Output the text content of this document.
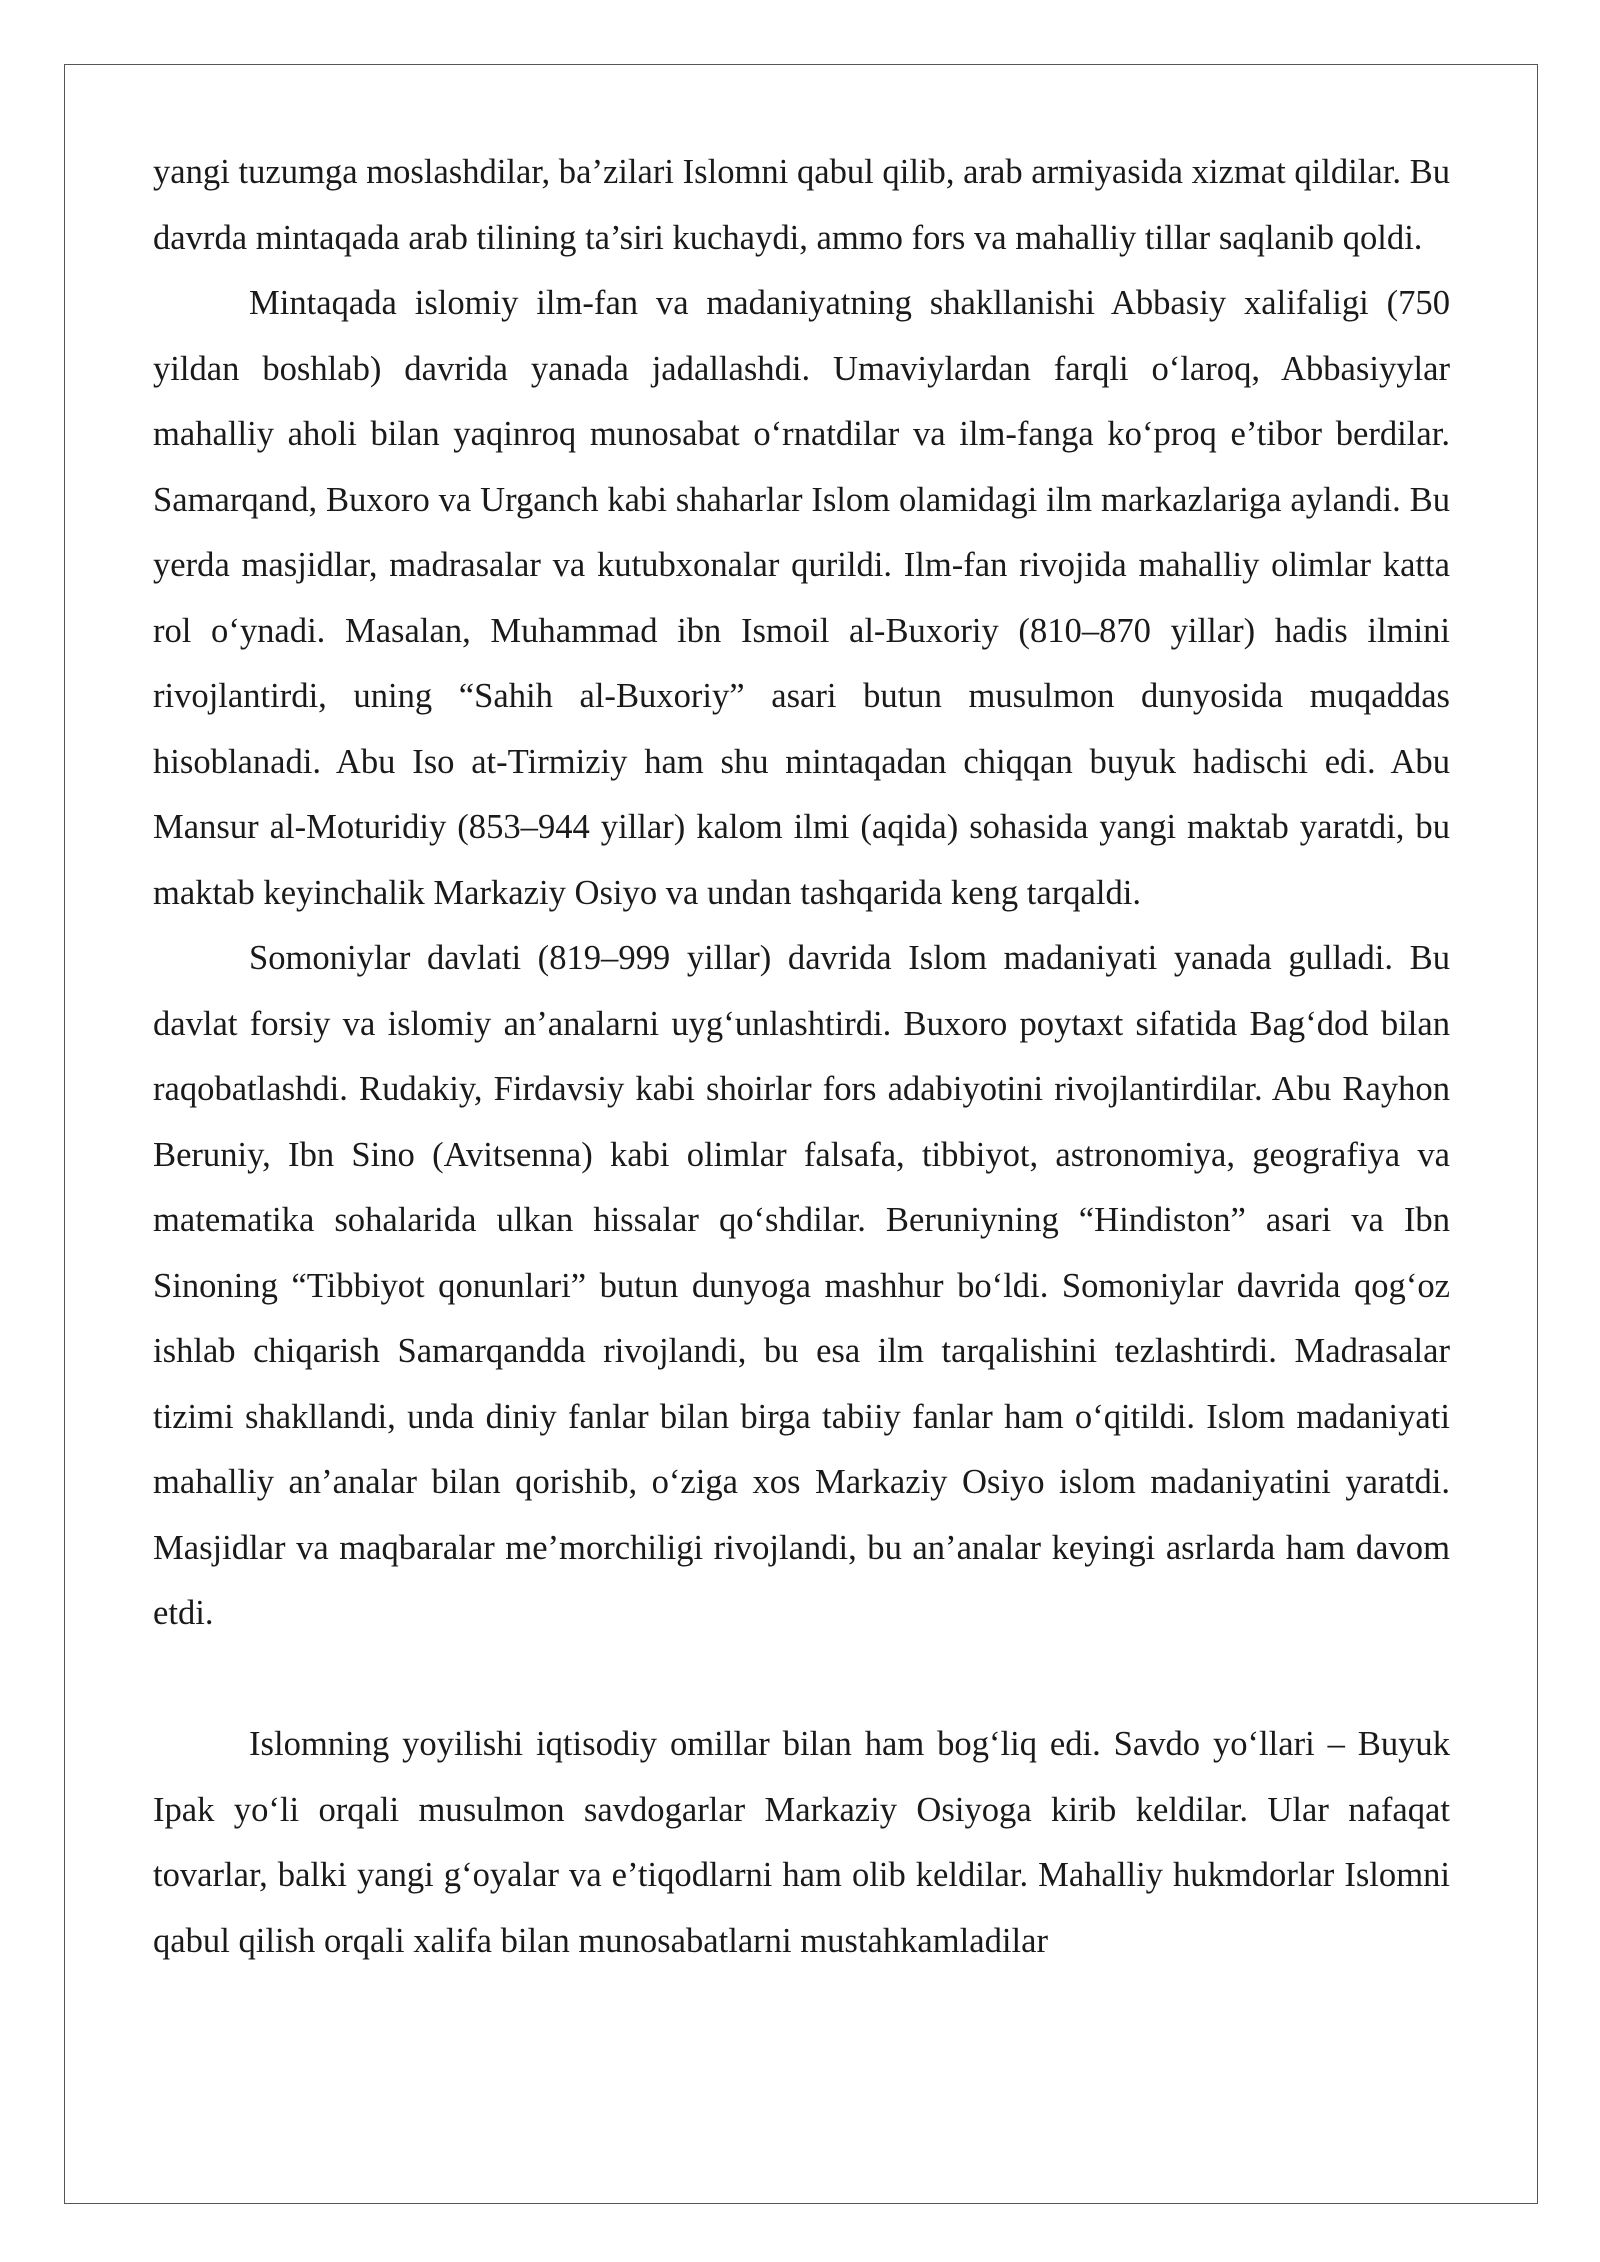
yangi tuzumga moslashdilar, ba’zilari Islomni qabul qilib, arab armiyasida xizmat qildilar. Bu davrda mintaqada arab tilining ta’siri kuchaydi, ammo fors va mahalliy tillar saqlanib qoldi.

Mintaqada islomiy ilm-fan va madaniyatning shakllanishi Abbasiy xalifaligi (750 yildan boshlab) davrida yanada jadallashdi. Umaviylardan farqli oʻlaroq, Abbasiyylar mahalliy aholi bilan yaqinroq munosabat oʻrnatdilar va ilm-fanga koʻproq e’tibor berdilar. Samarqand, Buxoro va Urganch kabi shaharlar Islom olamidagi ilm markazlariga aylandi. Bu yerda masjidlar, madrasalar va kutubxonalar qurildi. Ilm-fan rivojida mahalliy olimlar katta rol oʻynadi. Masalan, Muhammad ibn Ismoil al-Buxoriy (810–870 yillar) hadis ilmini rivojlantirdi, uning “Sahih al-Buxoriy” asari butun musulmon dunyosida muqaddas hisoblanadi. Abu Iso at-Tirmiziy ham shu mintaqadan chiqqan buyuk hadischi edi. Abu Mansur al-Moturidiy (853–944 yillar) kalom ilmi (aqida) sohasida yangi maktab yaratdi, bu maktab keyinchalik Markaziy Osiyo va undan tashqarida keng tarqaldi.

Somoniylar davlati (819–999 yillar) davrida Islom madaniyati yanada gulladi. Bu davlat forsiy va islomiy an’analarni uygʻunlashtirdi. Buxoro poytaxt sifatida Bagʻdod bilan raqobatlashdi. Rudakiy, Firdavsiy kabi shoirlar fors adabiyotini rivojlantirdilar. Abu Rayhon Beruniy, Ibn Sino (Avitsenna) kabi olimlar falsafa, tibbiyot, astronomiya, geografiya va matematika sohalarida ulkan hissalar qoʻshdilar. Beruniyning “Hindiston” asari va Ibn Sinoning “Tibbiyot qonunlari” butun dunyoga mashhur boʻldi. Somoniylar davrida qogʻoz ishlab chiqarish Samarqandda rivojlandi, bu esa ilm tarqalishini tezlashtirdi. Madrasalar tizimi shakllandi, unda diniy fanlar bilan birga tabiiy fanlar ham oʻqitildi. Islom madaniyati mahalliy an’analar bilan qorishib, oʻziga xos Markaziy Osiyo islom madaniyatini yaratdi. Masjidlar va maqbaralar me’morchiligi rivojlandi, bu an’analar keyingi asrlarda ham davom etdi.

Islomning yoyilishi iqtisodiy omillar bilan ham bogʻliq edi. Savdo yoʻllari – Buyuk Ipak yoʻli orqali musulmon savdogarlar Markaziy Osiyoga kirib keldilar. Ular nafaqat tovarlar, balki yangi gʻoyalar va e’tiqodlarni ham olib keldilar. Mahalliy hukmdorlar Islomni qabul qilish orqali xalifa bilan munosabatlarni mustahkamladilar
